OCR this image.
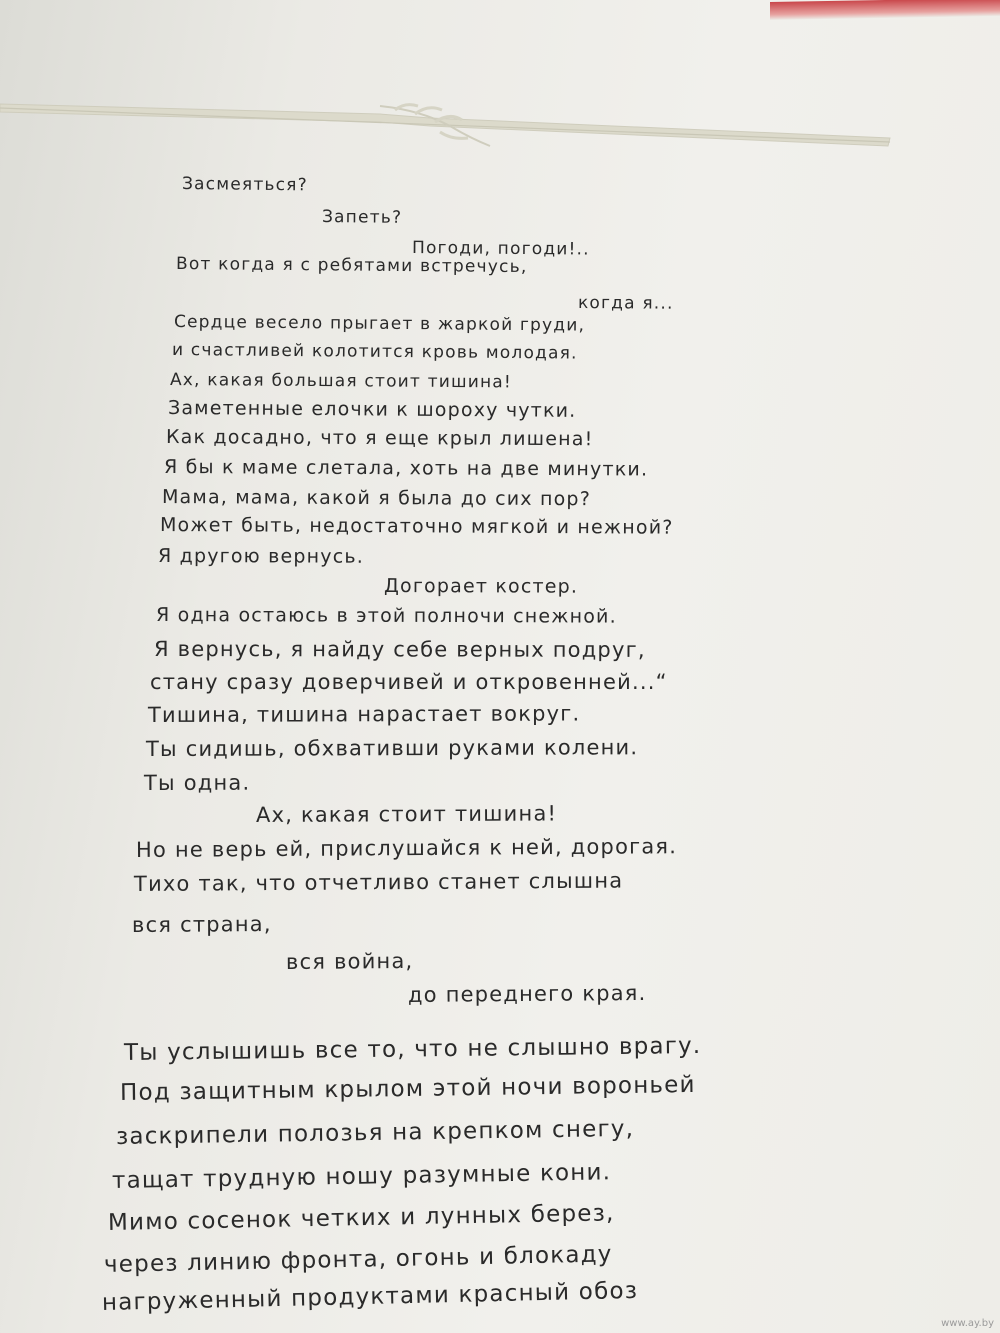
Засмеяться?
Запеть?
Погоди, погоди!..
Вот когда я с ребятами встречусь,
когда я...
Сердце весело прыгает в жаркой груди,
и счастливей колотится кровь молодая.
Ах, какая большая стоит тишина!
Заметенные елочки к шороху чутки.
Как досадно, что я еще крыл лишена!
Я бы к маме слетала, хоть на две минутки.
Мама, мама, какой я была до сих пор?
Может быть, недостаточно мягкой и нежной?
Я другою вернусь.
Догорает костер.
Я одна остаюсь в этой полночи снежной.
Я вернусь, я найду себе верных подруг,
стану сразу доверчивей и откровенней...“
Тишина, тишина нарастает вокруг.
Ты сидишь, обхвативши руками колени.
Ты одна.
Ах, какая стоит тишина!
Но не верь ей, прислушайся к ней, дорогая.
Тихо так, что отчетливо станет слышна
вся страна,
вся война,
до переднего края.
Ты услышишь все то, что не слышно врагу.
Под защитным крылом этой ночи вороньей
заскрипели полозья на крепком снегу,
тащат трудную ношу разумные кони.
Мимо сосенок четких и лунных берез,
через линию фронта, огонь и блокаду
нагруженный продуктами красный обоз
www.ay.by
